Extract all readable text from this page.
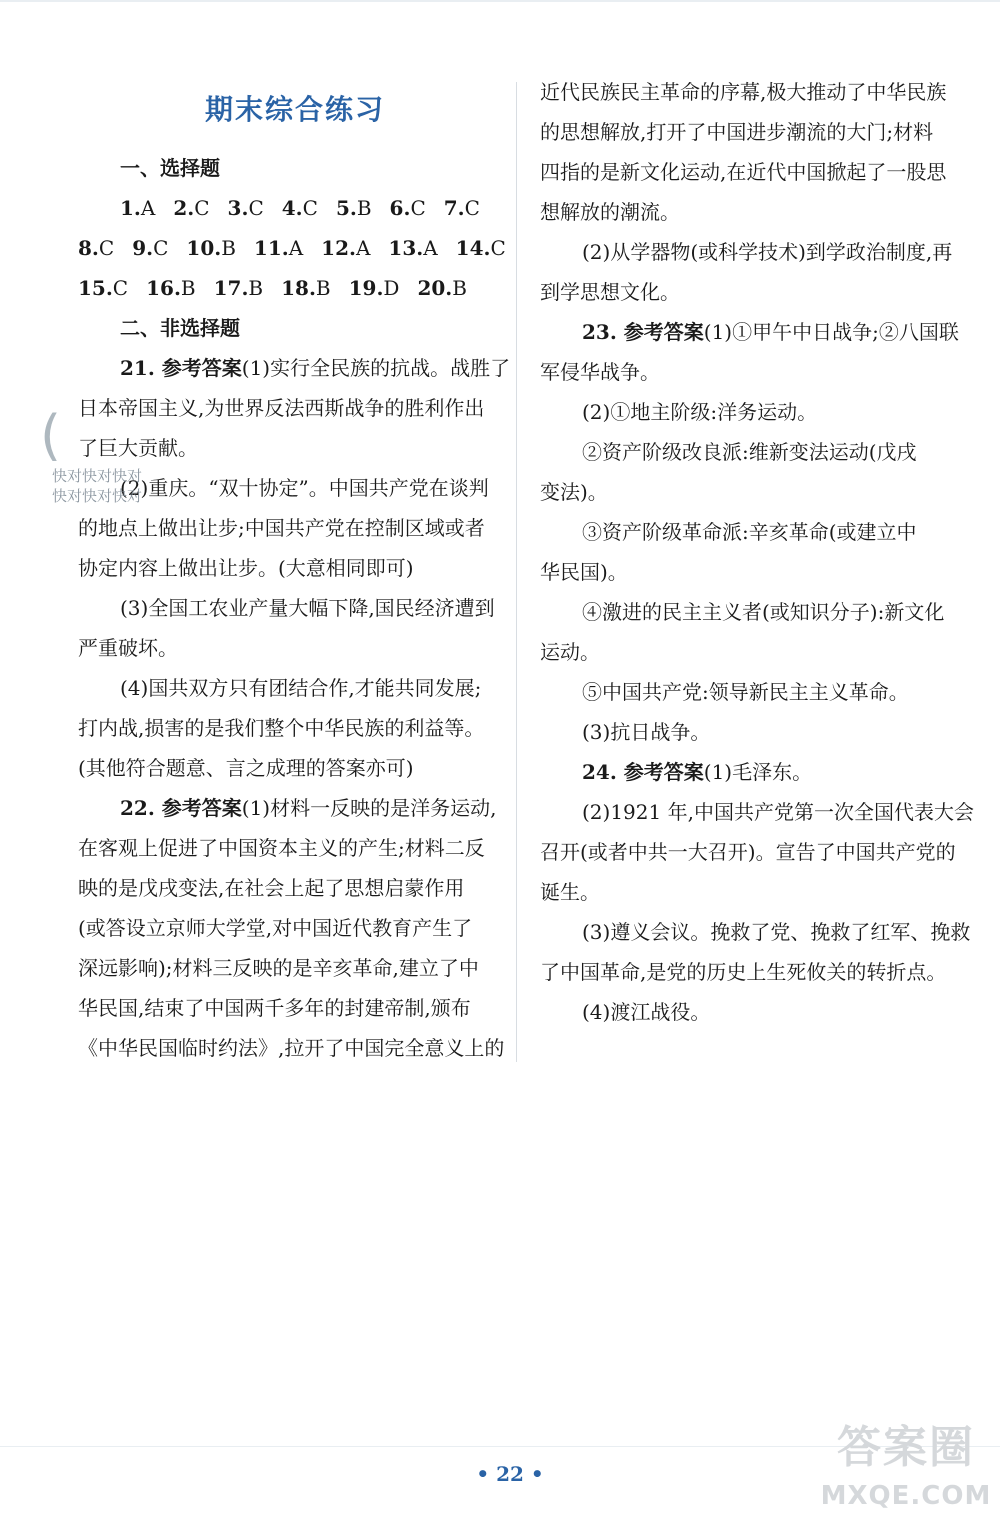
期末综合练习
一、选择题
1.A 2.C 3.C 4.C 5.B 6.C 7.C
8.C 9.C 10.B 11.A 12.A 13.A 14.C
15.C 16.B 17.B 18.B 19.D 20.B
二、非选择题
21. 参考答案(1)实行全民族的抗战。战胜了
日本帝国主义,为世界反法西斯战争的胜利作出
了巨大贡献。
(2)重庆。“双十协定”。中国共产党在谈判
的地点上做出让步;中国共产党在控制区域或者
协定内容上做出让步。(大意相同即可)
(3)全国工农业产量大幅下降,国民经济遭到
严重破坏。
(4)国共双方只有团结合作,才能共同发展;
打内战,损害的是我们整个中华民族的利益等。
(其他符合题意、言之成理的答案亦可)
22. 参考答案(1)材料一反映的是洋务运动,
在客观上促进了中国资本主义的产生;材料二反
映的是戊戌变法,在社会上起了思想启蒙作用
(或答设立京师大学堂,对中国近代教育产生了
深远影响);材料三反映的是辛亥革命,建立了中
华民国,结束了中国两千多年的封建帝制,颁布
《中华民国临时约法》,拉开了中国完全意义上的
近代民族民主革命的序幕,极大推动了中华民族
的思想解放,打开了中国进步潮流的大门;材料
四指的是新文化运动,在近代中国掀起了一股思
想解放的潮流。
(2)从学器物(或科学技术)到学政治制度,再
到学思想文化。
23. 参考答案(1)①甲午中日战争;②八国联
军侵华战争。
(2)①地主阶级:洋务运动。
②资产阶级改良派:维新变法运动(戊戌
变法)。
③资产阶级革命派:辛亥革命(或建立中
华民国)。
④激进的民主主义者(或知识分子):新文化
运动。
⑤中国共产党:领导新民主主义革命。
(3)抗日战争。
24. 参考答案(1)毛泽东。
(2)1921 年,中国共产党第一次全国代表大会
召开(或者中共一大召开)。宣告了中国共产党的
诞生。
(3)遵义会议。挽救了党、挽救了红军、挽救
了中国革命,是党的历史上生死攸关的转折点。
(4)渡江战役。
(
快对快对快对
快对快对快对
• 22 •
答案圈
MXQE.COM
